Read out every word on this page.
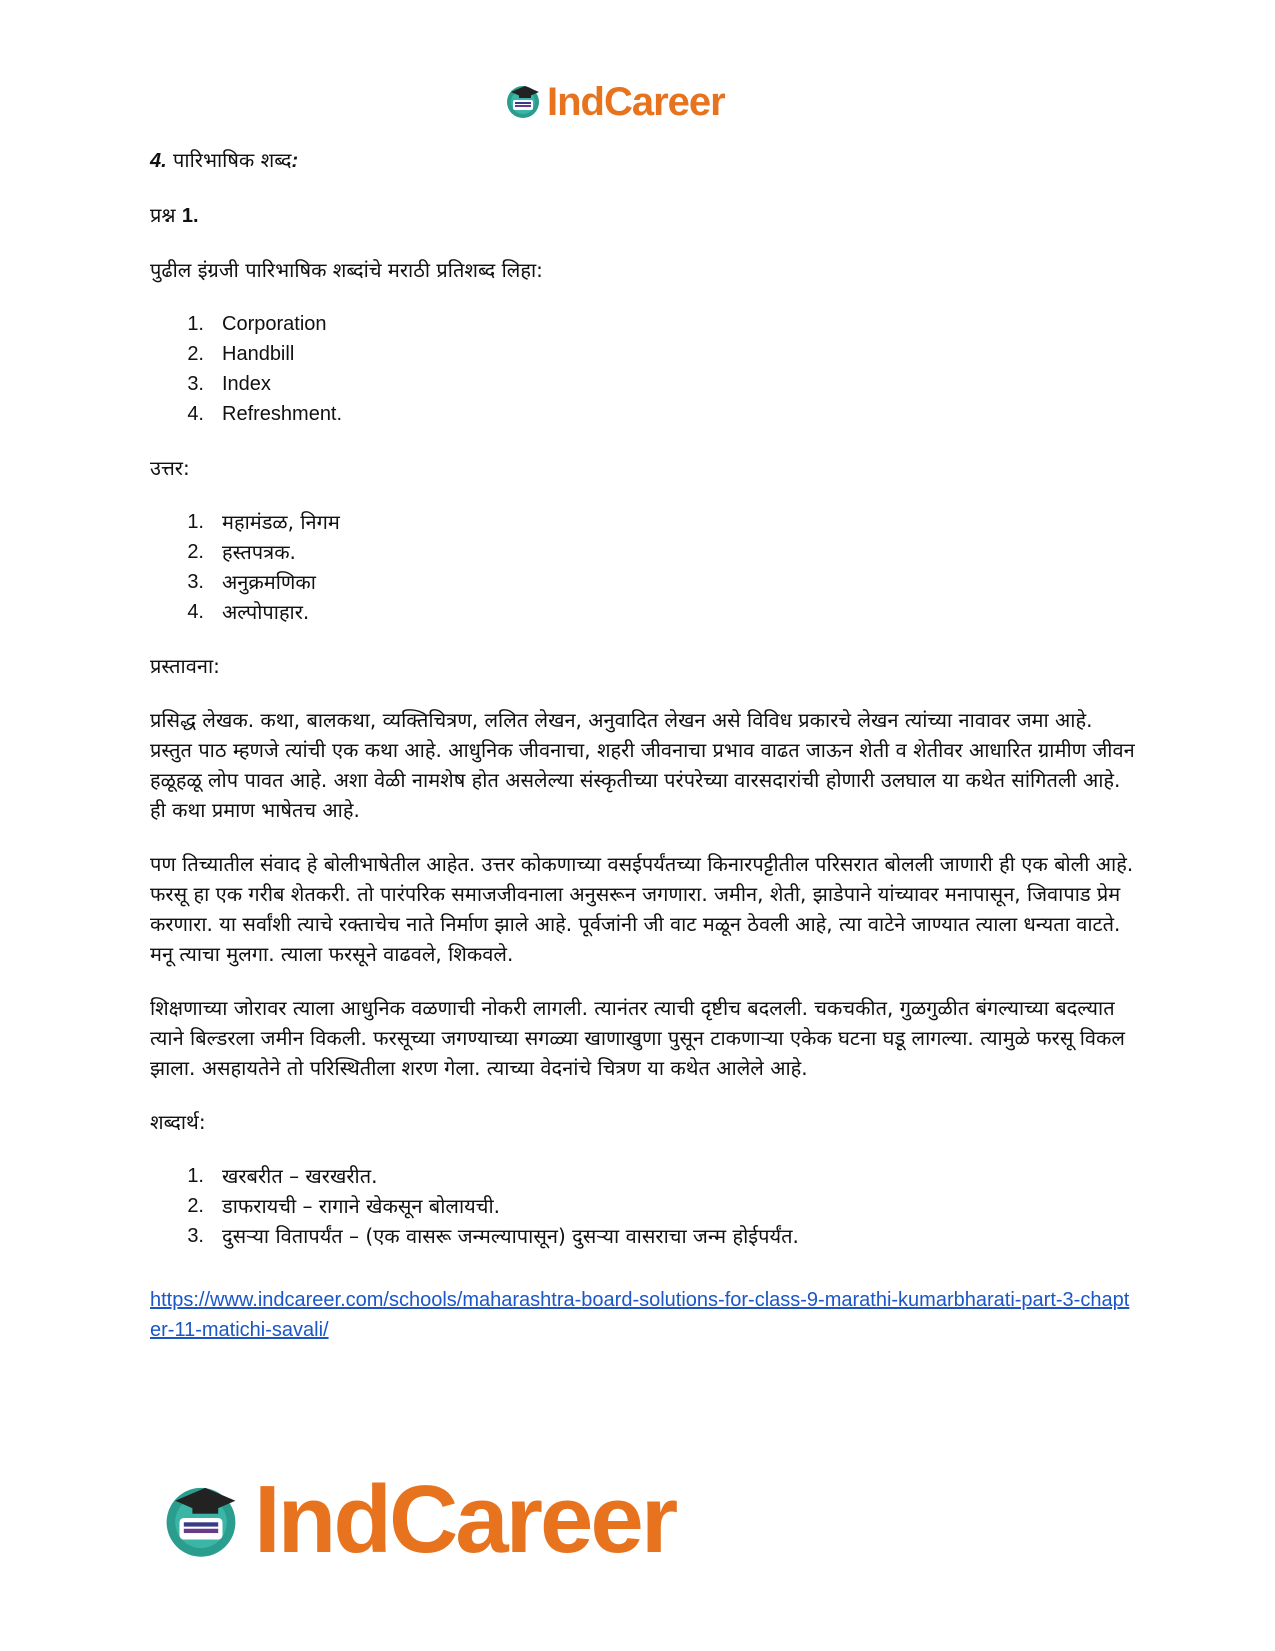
IndCareer

4. पारिभाषिक शब्द:

प्रश्न 1.

पुढील इंग्रजी पारिभाषिक शब्दांचे मराठी प्रतिशब्द लिहा:

1. Corporation
2. Handbill
3. Index
4. Refreshment.

उत्तर:

1. महामंडळ, निगम
2. हस्तपत्रक.
3. अनुक्रमणिका
4. अल्पोपाहार.

प्रस्तावना:

प्रसिद्ध लेखक. कथा, बालकथा, व्यक्तिचित्रण, ललित लेखन, अनुवादित लेखन असे विविध प्रकारचे लेखन त्यांच्या नावावर जमा आहे. प्रस्तुत पाठ म्हणजे त्यांची एक कथा आहे. आधुनिक जीवनाचा, शहरी जीवनाचा प्रभाव वाढत जाऊन शेती व शेतीवर आधारित ग्रामीण जीवन हळूहळू लोप पावत आहे. अशा वेळी नामशेष होत असलेल्या संस्कृतीच्या परंपरेच्या वारसदारांची होणारी उलघाल या कथेत सांगितली आहे. ही कथा प्रमाण भाषेतच आहे.

पण तिच्यातील संवाद हे बोलीभाषेतील आहेत. उत्तर कोकणाच्या वसईपर्यंतच्या किनारपट्टीतील परिसरात बोलली जाणारी ही एक बोली आहे. फरसू हा एक गरीब शेतकरी. तो पारंपरिक समाजजीवनाला अनुसरून जगणारा. जमीन, शेती, झाडेपाने यांच्यावर मनापासून, जिवापाड प्रेम करणारा. या सर्वांशी त्याचे रक्ताचेच नाते निर्माण झाले आहे. पूर्वजांनी जी वाट मळून ठेवली आहे, त्या वाटेने जाण्यात त्याला धन्यता वाटते. मनू त्याचा मुलगा. त्याला फरसूने वाढवले, शिकवले.

शिक्षणाच्या जोरावर त्याला आधुनिक वळणाची नोकरी लागली. त्यानंतर त्याची दृष्टीच बदलली. चकचकीत, गुळगुळीत बंगल्याच्या बदल्यात त्याने बिल्डरला जमीन विकली. फरसूच्या जगण्याच्या सगळ्या खाणाखुणा पुसून टाकणाऱ्या एकेक घटना घडू लागल्या. त्यामुळे फरसू विकल झाला. असहायतेने तो परिस्थितीला शरण गेला. त्याच्या वेदनांचे चित्रण या कथेत आलेले आहे.

शब्दार्थ:

1. खरबरीत – खरखरीत.
2. डाफरायची – रागाने खेकसून बोलायची.
3. दुसऱ्या वितापर्यंत – (एक वासरू जन्मल्यापासून) दुसऱ्या वासराचा जन्म होईपर्यंत.
https://www.indcareer.com/schools/maharashtra-board-solutions-for-class-9-marathi-kumarbharati-part-3-chapter-11-matichi-savali/
IndCareer
